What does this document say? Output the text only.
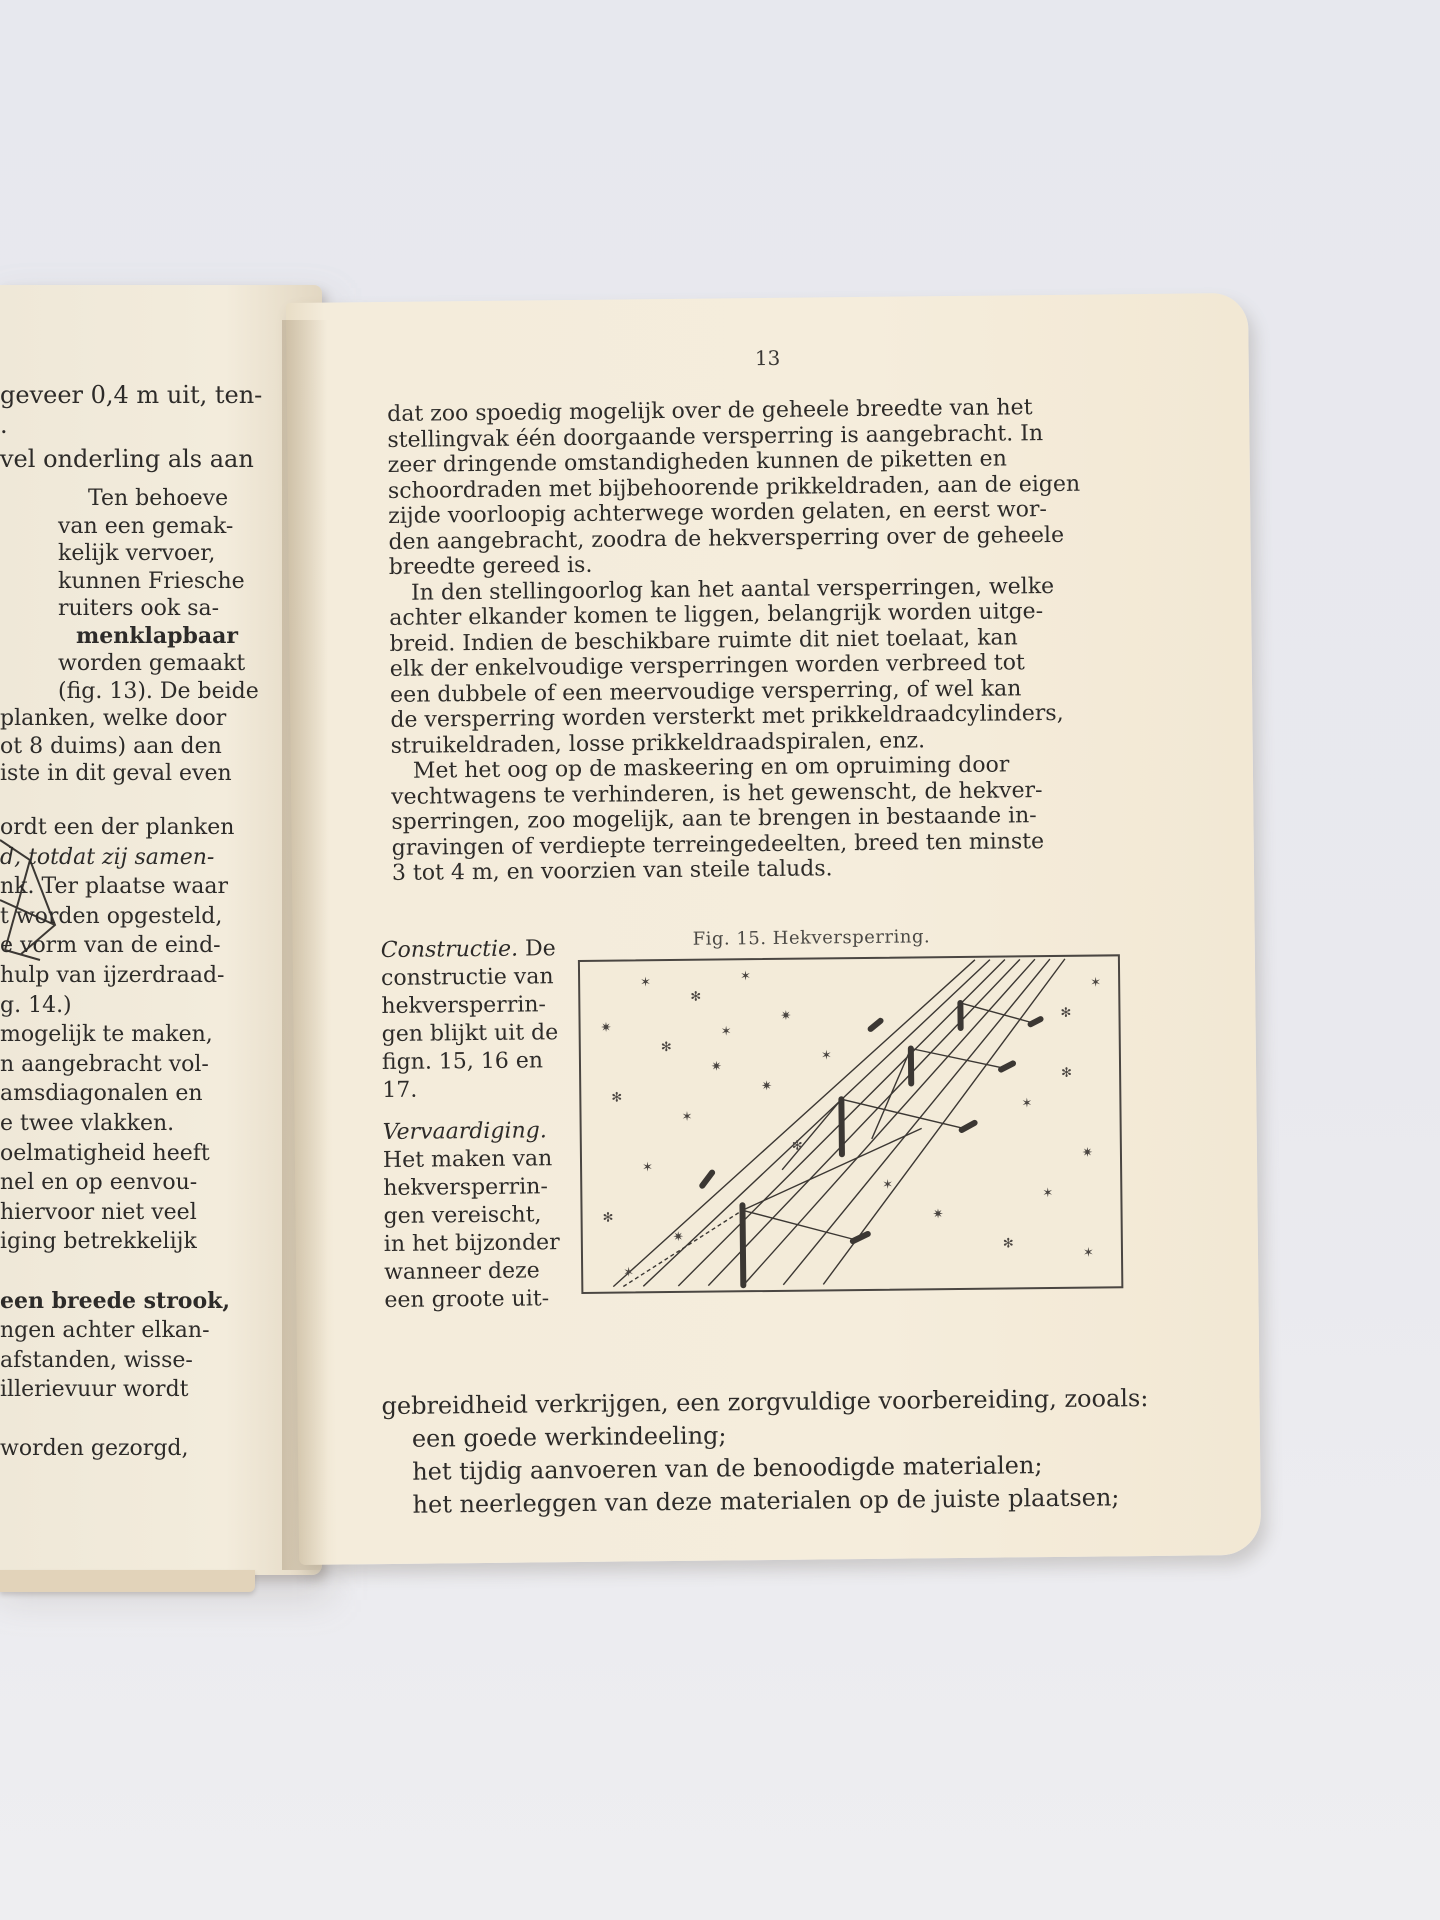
geveer 0,4 m uit, ten-
.
vel onderling als aan
Ten behoeve
van een gemak-
kelijk vervoer,
kunnen Friesche
ruiters ook sa-
menklapbaar
worden gemaakt
(fig. 13). De beide
planken, welke door
ot 8 duims) aan den
iste in dit geval even
ordt een der planken
d, totdat zij samen-
nk. Ter plaatse waar
t worden opgesteld,
e vorm van de eind-
hulp van ijzerdraad-
g. 14.)
mogelijk te maken,
n aangebracht vol-
amsdiagonalen en
e twee vlakken.
oelmatigheid heeft
nel en op eenvou-
hiervoor niet veel
iging betrekkelijk

een breede strook,
ngen achter elkan-
afstanden, wisse-
illerievuur wordt

worden gezorgd,
13
dat zoo spoedig mogelijk over de geheele breedte van het
stellingvak één doorgaande versperring is aangebracht. In
zeer dringende omstandigheden kunnen de piketten en
schoordraden met bijbehoorende prikkeldraden, aan de eigen
zijde voorloopig achterwege worden gelaten, en eerst wor-
den aangebracht, zoodra de hekversperring over de geheele
breedte gereed is.
In den stellingoorlog kan het aantal versperringen, welke
achter elkander komen te liggen, belangrijk worden uitge-
breid. Indien de beschikbare ruimte dit niet toelaat, kan
elk der enkelvoudige versperringen worden verbreed tot
een dubbele of een meervoudige versperring, of wel kan
de versperring worden versterkt met prikkeldraadcylinders,
struikeldraden, losse prikkeldraadspiralen, enz.
Met het oog op de maskeering en om opruiming door
vechtwagens te verhinderen, is het gewenscht, de hekver-
sperringen, zoo mogelijk, aan te brengen in bestaande in-
gravingen of verdiepte terreingedeelten, breed ten minste
3 tot 4 m, en voorzien van steile taluds.
Fig. 15. Hekversperring.
Constructie. De
constructie van
hekversperrin-
gen blijkt uit de
fign. 15, 16 en
17.
Vervaardiging.
Het maken van
hekversperrin-
gen vereischt,
in het bijzonder
wanneer deze
een groote uit-
✶
✻
✶
✷
✻
✶
✷
✶
✻
✶
✷
✶
✻
✷
✶
✶
✻
✷
✶
✻
✶
✷
✶
✻
✶
✻
✷
gebreidheid verkrijgen, een zorgvuldige voorbereiding, zooals:
een goede werkindeeling;
het tijdig aanvoeren van de benoodigde materialen;
het neerleggen van deze materialen op de juiste plaatsen;
